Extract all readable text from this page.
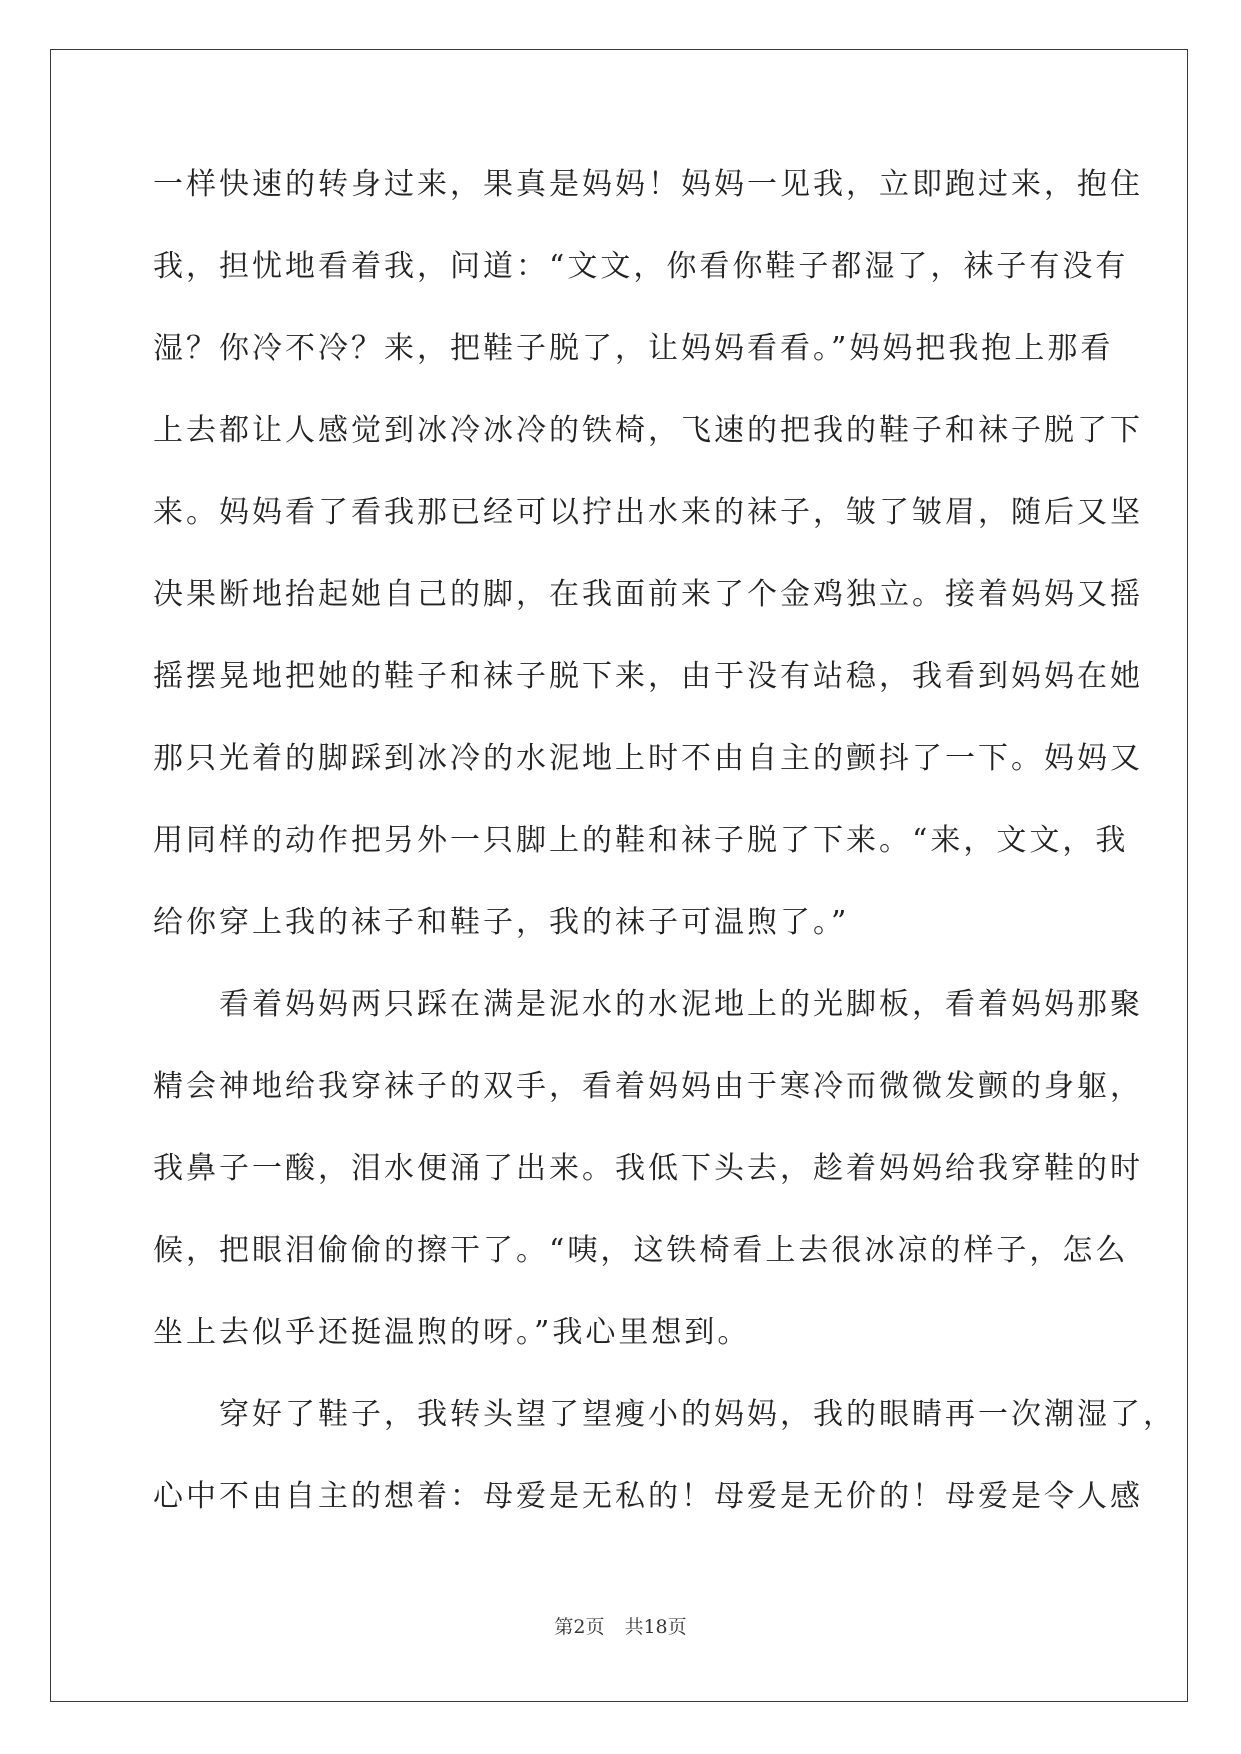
一样快速的转身过来，果真是妈妈！妈妈一见我，立即跑过来，抱住
我，担忧地看着我，问道：“文文，你看你鞋子都湿了，袜子有没有
湿？你冷不冷？来，把鞋子脱了，让妈妈看看。”妈妈把我抱上那看
上去都让人感觉到冰冷冰冷的铁椅，飞速的把我的鞋子和袜子脱了下
来。妈妈看了看我那已经可以拧出水来的袜子，皱了皱眉，随后又坚
决果断地抬起她自己的脚，在我面前来了个金鸡独立。接着妈妈又摇
摇摆晃地把她的鞋子和袜子脱下来，由于没有站稳，我看到妈妈在她
那只光着的脚踩到冰冷的水泥地上时不由自主的颤抖了一下。妈妈又
用同样的动作把另外一只脚上的鞋和袜子脱了下来。“来，文文，我
给你穿上我的袜子和鞋子，我的袜子可温煦了。”
　　看着妈妈两只踩在满是泥水的水泥地上的光脚板，看着妈妈那聚
精会神地给我穿袜子的双手，看着妈妈由于寒冷而微微发颤的身躯，
我鼻子一酸，泪水便涌了出来。我低下头去，趁着妈妈给我穿鞋的时
候，把眼泪偷偷的擦干了。“咦，这铁椅看上去很冰凉的样子，怎么
坐上去似乎还挺温煦的呀。”我心里想到。
　　穿好了鞋子，我转头望了望瘦小的妈妈，我的眼睛再一次潮湿了，
心中不由自主的想着：母爱是无私的！母爱是无价的！母爱是令人感
第2页 共18页
